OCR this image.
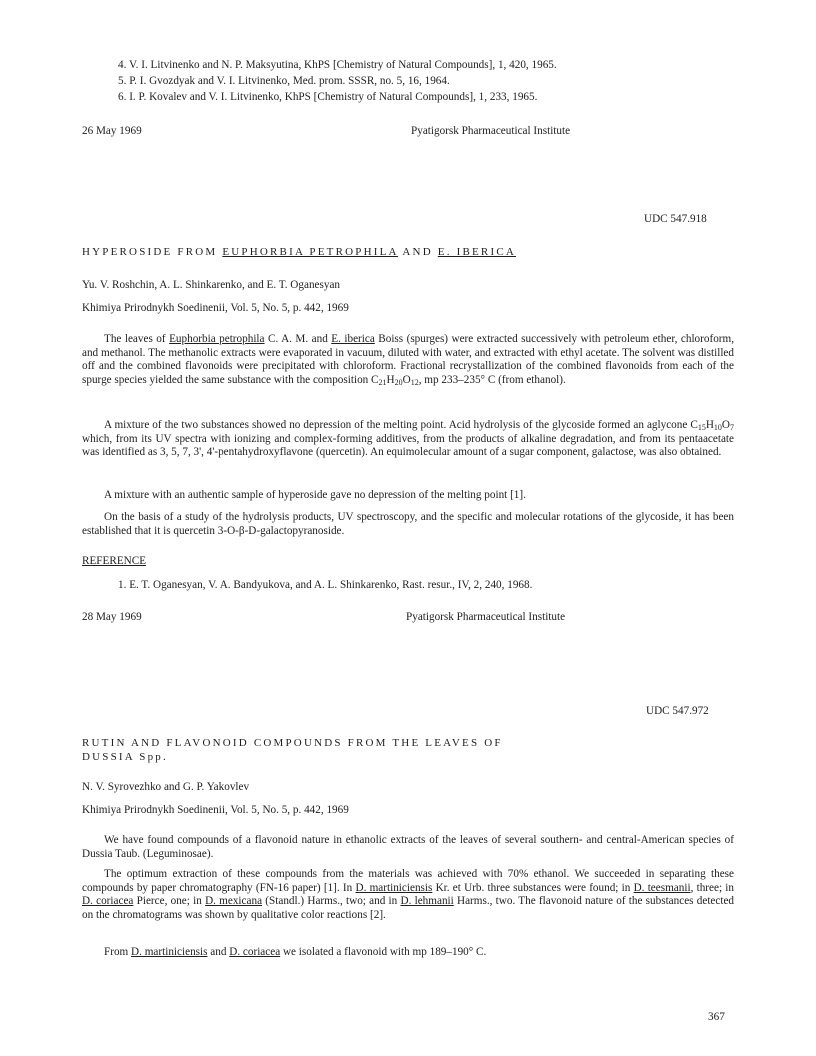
4. V. I. Litvinenko and N. P. Maksyutina, KhPS [Chemistry of Natural Compounds], 1, 420, 1965.
5. P. I. Gvozdyak and V. I. Litvinenko, Med. prom. SSSR, no. 5, 16, 1964.
6. I. P. Kovalev and V. I. Litvinenko, KhPS [Chemistry of Natural Compounds], 1, 233, 1965.
26 May 1969	Pyatigorsk Pharmaceutical Institute
UDC 547.918
HYPEROSIDE FROM EUPHORBIA PETROPHILA AND E. IBERICA
Yu. V. Roshchin, A. L. Shinkarenko, and E. T. Oganesyan
Khimiya Prirodnykh Soedinenii, Vol. 5, No. 5, p. 442, 1969
The leaves of Euphorbia petrophila C. A. M. and E. iberica Boiss (spurges) were extracted successively with petroleum ether, chloroform, and methanol. The methanolic extracts were evaporated in vacuum, diluted with water, and extracted with ethyl acetate. The solvent was distilled off and the combined flavonoids were precipitated with chloroform. Fractional recrystallization of the combined flavonoids from each of the spurge species yielded the same substance with the composition $C_{21}H_{20}O_{12}$, mp 233–235° C (from ethanol).
A mixture of the two substances showed no depression of the melting point. Acid hydrolysis of the glycoside formed an aglycone $C_{15}H_{10}O_7$ which, from its UV spectra with ionizing and complex-forming additives, from the products of alkaline degradation, and from its pentaacetate was identified as 3, 5, 7, 3', 4'-pentahydroxyflavone (quercetin). An equimolecular amount of a sugar component, galactose, was also obtained.
A mixture with an authentic sample of hyperoside gave no depression of the melting point [1].
On the basis of a study of the hydrolysis products, UV spectroscopy, and the specific and molecular rotations of the glycoside, it has been established that it is quercetin 3-O-β-D-galactopyranoside.
REFERENCE
1. E. T. Oganesyan, V. A. Bandyukova, and A. L. Shinkarenko, Rast. resur., IV, 2, 240, 1968.
28 May 1969	Pyatigorsk Pharmaceutical Institute
UDC 547.972
RUTIN AND FLAVONOID COMPOUNDS FROM THE LEAVES OF
DUSSIA Spp.
N. V. Syrovezhko and G. P. Yakovlev
Khimiya Prirodnykh Soedinenii, Vol. 5, No. 5, p. 442, 1969
We have found compounds of a flavonoid nature in ethanolic extracts of the leaves of several southern- and central-American species of Dussia Taub. (Leguminosae).
The optimum extraction of these compounds from the materials was achieved with 70% ethanol. We succeeded in separating these compounds by paper chromatography (FN-16 paper) [1]. In D. martiniciensis Kr. et Urb. three substances were found; in D. teesmanii, three; in D. coriacea Pierce, one; in D. mexicana (Standl.) Harms., two; and in D. lehmanii Harms., two. The flavonoid nature of the substances detected on the chromatograms was shown by qualitative color reactions [2].
From D. martiniciensis and D. coriacea we isolated a flavonoid with mp 189–190° C.
367
